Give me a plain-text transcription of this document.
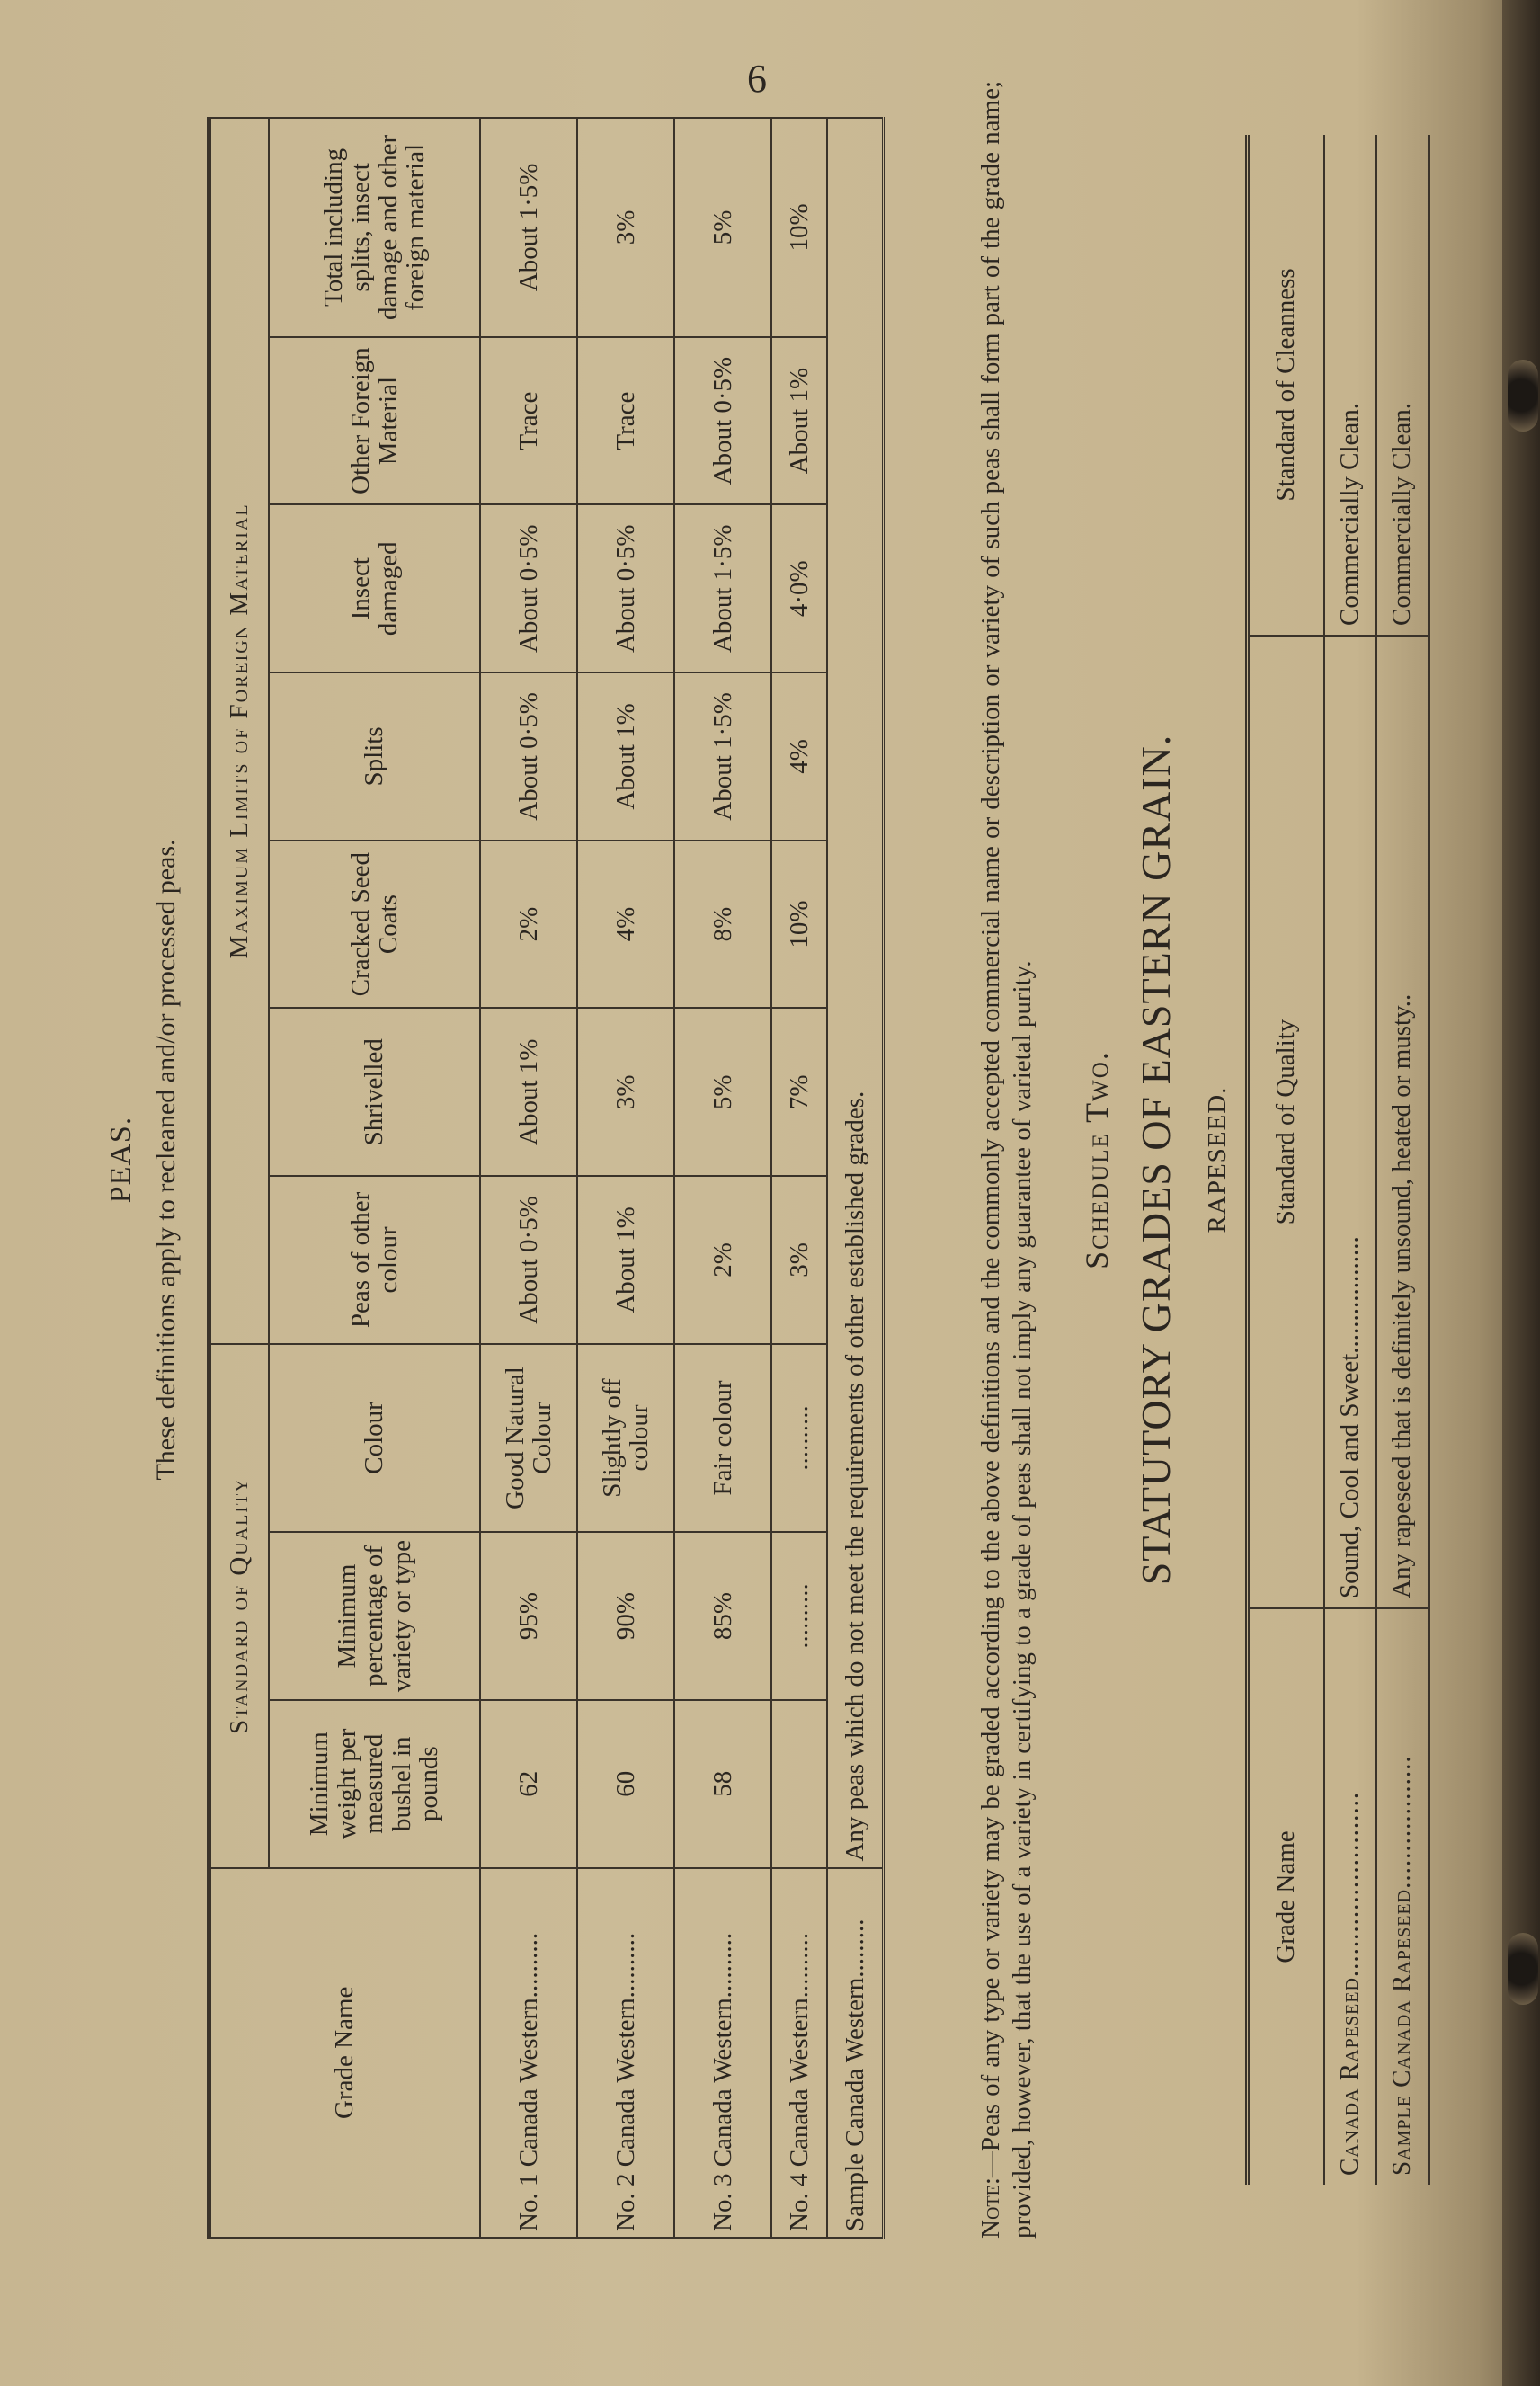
6
PEAS. These definitions apply to recleaned and/or processed peas.
Grade Name	Standard of Quality			Maximum Limits of Foreign Material						
	Minimum weight per measured bushel in pounds	Minimum percentage of variety or type	Colour	Peas of other colour	Shrivelled	Cracked Seed Coats	Splits	Insect damaged	Other Foreign Material	Total including splits, insect damage and other foreign material
No. 1 Canada Western..........	62	95%	Good Natural Colour	About 0·5%	About 1%	2%	About 0·5%	About 0·5%	Trace	About 1·5%
No. 2 Canada Western..........	60	90%	Slightly off colour	About 1%	3%	4%	About 1%	About 0·5%	Trace	3%
No. 3 Canada Western..........	58	85%	Fair colour	2%	5%	8%	About 1·5%	About 1·5%	About 0·5%	5%
No. 4 Canada Western..........		..........	..........	3%	7%	10%	4%	4·0%	About 1%	10%
Sample Canada Western.........	Any peas which do not meet the requirements of other established grades.									
Note:—Peas of any type or variety may be graded according to the above definitions and the commonly accepted commercial name or description or variety of such peas shall form part of the grade name; provided, however, that the use of a variety in certifying to a grade of peas shall not imply any guarantee of varietal purity. Schedule Two. STATUTORY GRADES OF EASTERN GRAIN. RAPESEED.
Grade Name	Standard of Quality	Standard of Cleanness
Canada Rapeseed.........................	Sound, Cool and Sweet..................	Commercially Clean.
Sample Canada Rapeseed..................	Any rapeseed that is definitely unsound, heated or musty..	Commercially Clean.
